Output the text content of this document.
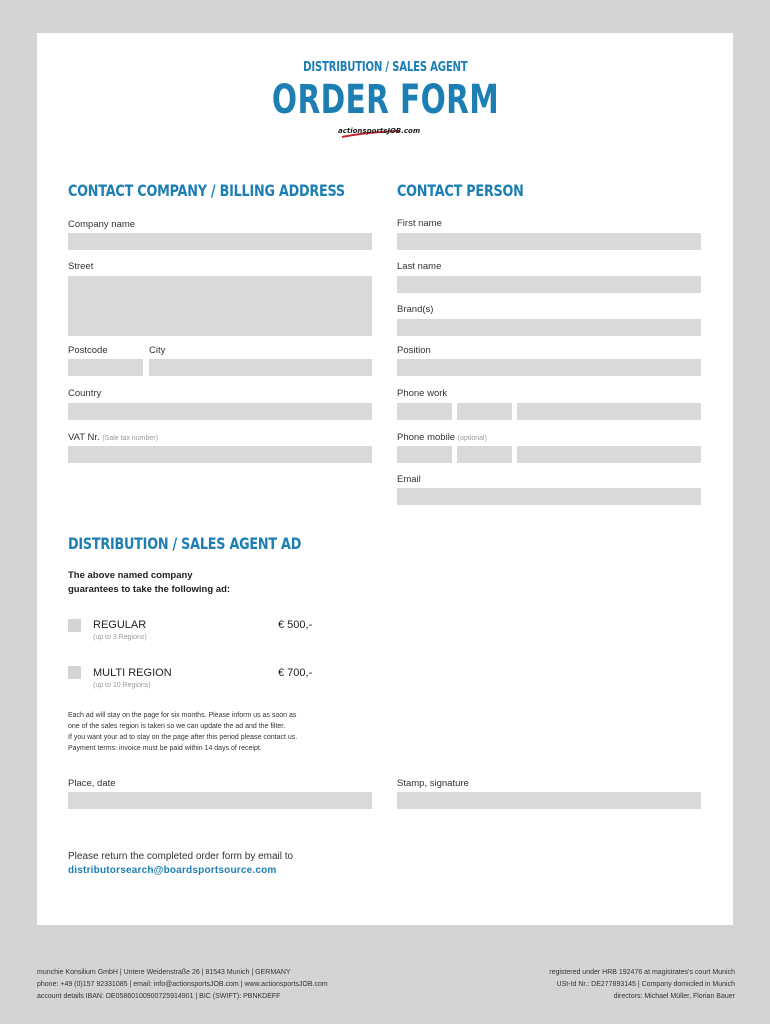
DISTRIBUTION / SALES AGENT
ORDER FORM
actionsportsJOB.com
CONTACT COMPANY / BILLING ADDRESS
Company name
Street
Postcode	City
Country
VAT Nr. (Sale tax number)
CONTACT PERSON
First name
Last name
Brand(s)
Position
Phone work
Phone mobile (optional)
Email
DISTRIBUTION / SALES AGENT AD
The above named company
guarantees to take the following ad:
REGULAR
(up to 3 Regions)
€ 500,-
MULTI REGION
(up to 10 Regions)
€ 700,-
Each ad will stay on the page for six months. Please inform us as soon as
one of the sales region is taken so we can update the ad and the filter.
If you want your ad to stay on the page after this period please contact us.
Payment terms: invoice must be paid within 14 days of receipt.
Place, date	Stamp, signature
Please return the completed order form by email to
distributorsearch@boardsportsource.com
munchie Konsilium GmbH | Untere Weidenstraße 26 | 81543 Munich | GERMANY
phone: +49 (0)157 92331085 | email: info@actionsportsJOB.com | www.actionsportsJOB.com
account details IBAN: DE05860100900725914901 | BIC (SWIFT): PBNKDEFF
registered under HRB 192476 at magistrates's court Munich
USt-Id Nr.: DE277893145 | Company domiciled in Munich
directors: Michael Müller, Florian Bauer
